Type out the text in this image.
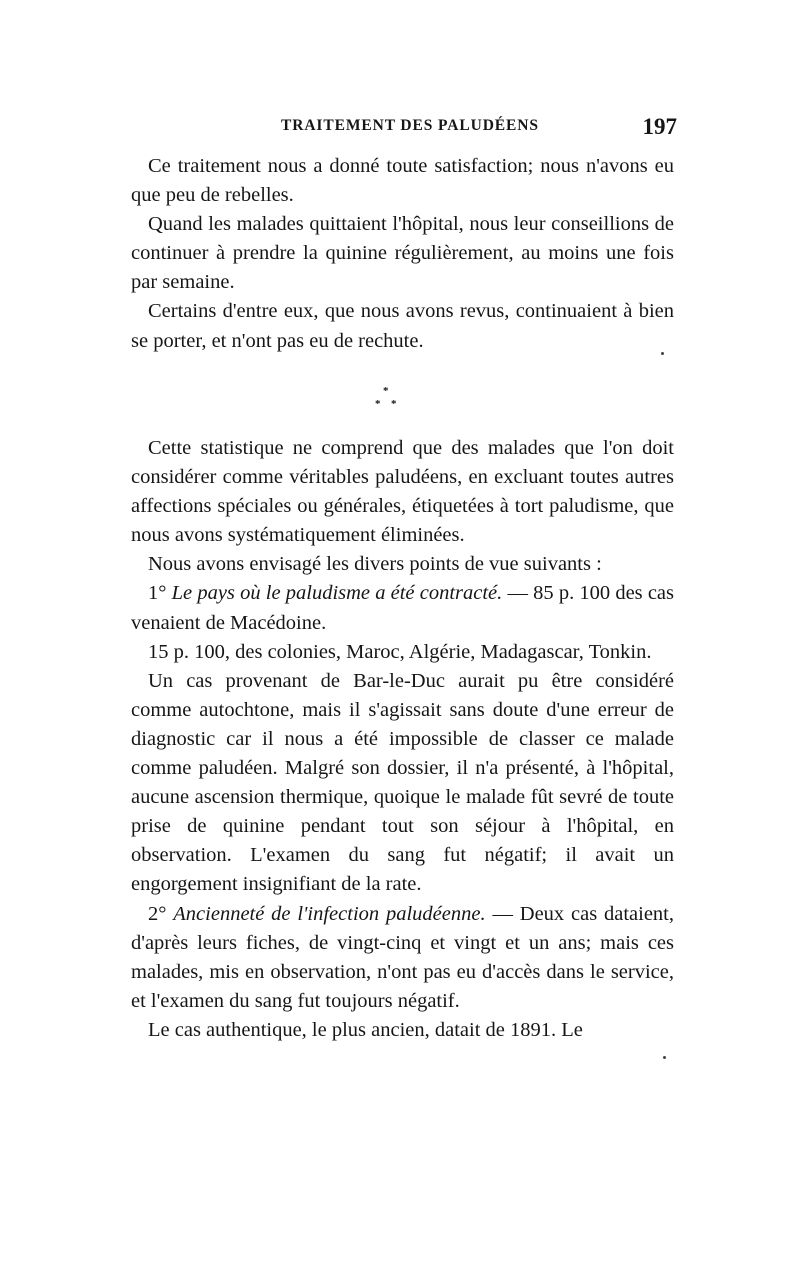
TRAITEMENT DES PALUDÉENS	197

Ce traitement nous a donné toute satisfaction; nous n'avons eu que peu de rebelles.

Quand les malades quittaient l'hôpital, nous leur conseillions de continuer à prendre la quinine régulièrement, au moins une fois par semaine.

Certains d'entre eux, que nous avons revus, continuaient à bien se porter, et n'ont pas eu de rechute.

*
* *

Cette statistique ne comprend que des malades que l'on doit considérer comme véritables paludéens, en excluant toutes autres affections spéciales ou générales, étiquetées à tort paludisme, que nous avons systématiquement éliminées.

Nous avons envisagé les divers points de vue suivants :

1° Le pays où le paludisme a été contracté. — 85 p. 100 des cas venaient de Macédoine.

15 p. 100, des colonies, Maroc, Algérie, Madagascar, Tonkin.

Un cas provenant de Bar-le-Duc aurait pu être considéré comme autochtone, mais il s'agissait sans doute d'une erreur de diagnostic car il nous a été impossible de classer ce malade comme paludéen. Malgré son dossier, il n'a présenté, à l'hôpital, aucune ascension thermique, quoique le malade fût sevré de toute prise de quinine pendant tout son séjour à l'hôpital, en observation. L'examen du sang fut négatif; il avait un engorgement insignifiant de la rate.

2° Ancienneté de l'infection paludéenne. — Deux cas dataient, d'après leurs fiches, de vingt-cinq et vingt et un ans; mais ces malades, mis en observation, n'ont pas eu d'accès dans le service, et l'examen du sang fut toujours négatif.

Le cas authentique, le plus ancien, datait de 1891. Le
